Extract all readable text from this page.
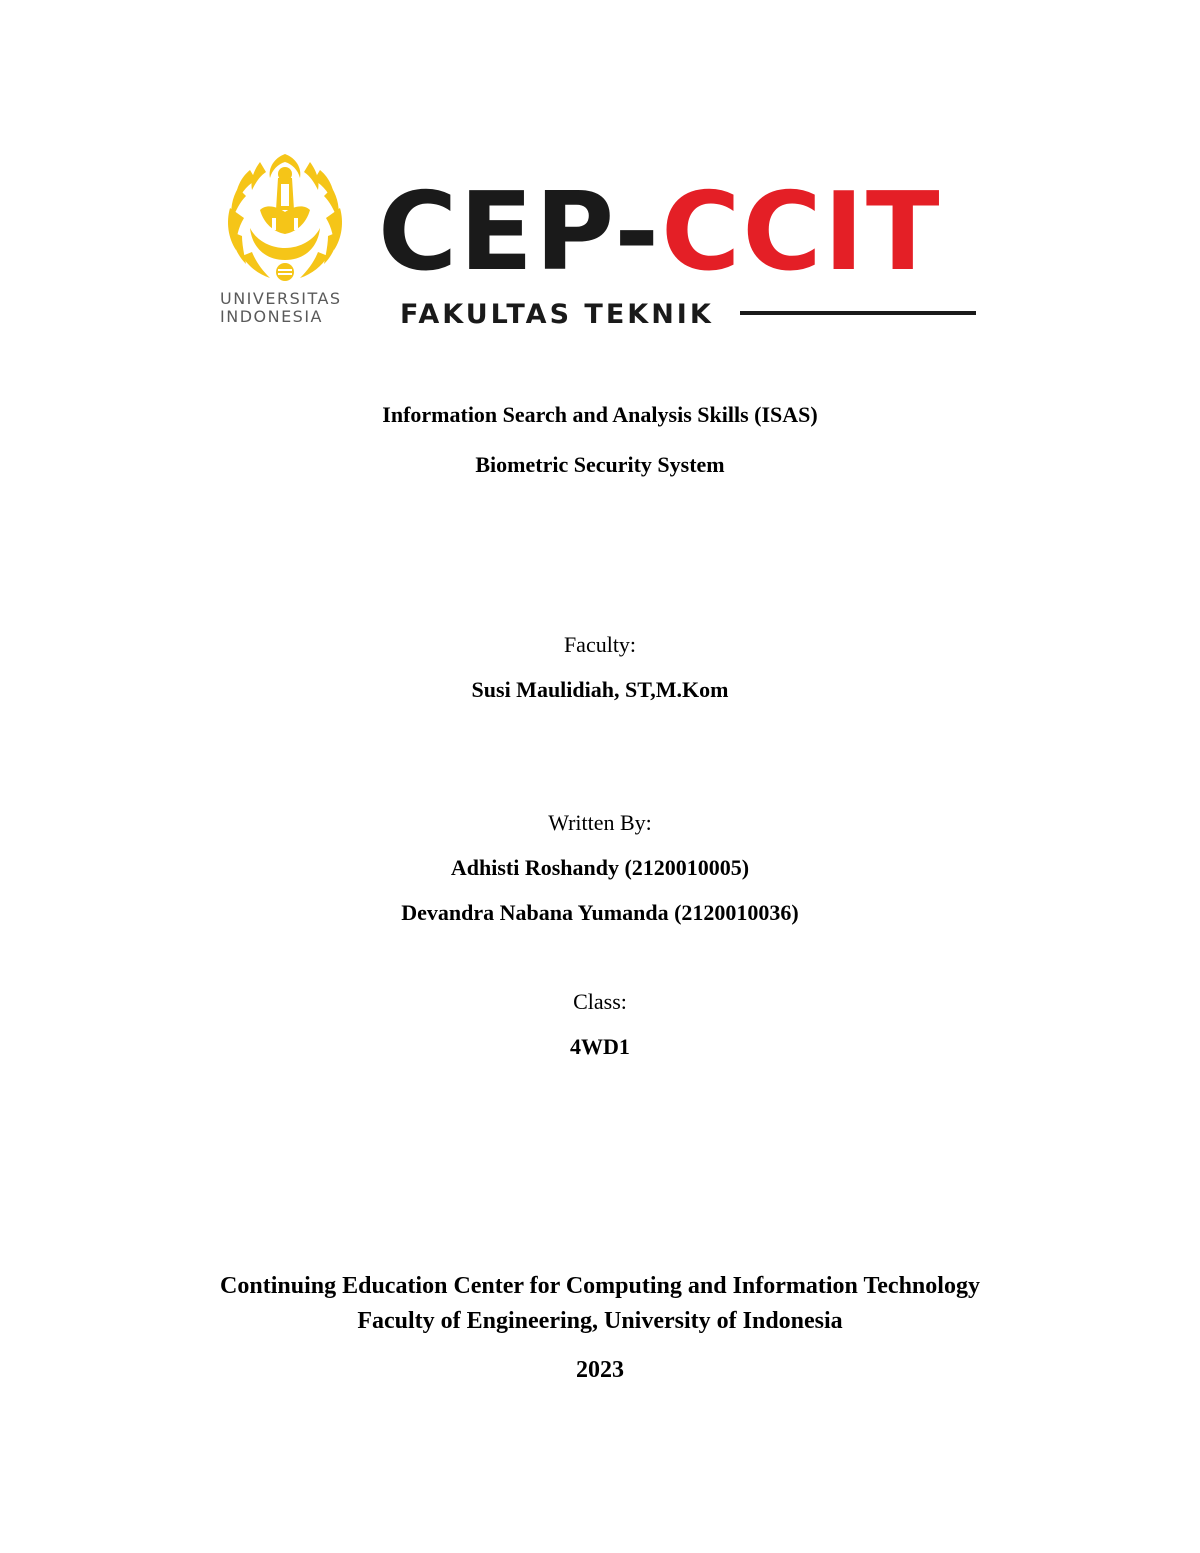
UNIVERSITAS
INDONESIA
CEP-CCIT
FAKULTAS TEKNIK
Information Search and Analysis Skills (ISAS)
Biometric Security System
Faculty:
Susi Maulidiah, ST,M.Kom
Written By:
Adhisti Roshandy (2120010005)
Devandra Nabana Yumanda (2120010036)
Class:
4WD1
Continuing Education Center for Computing and Information Technology
Faculty of Engineering, University of Indonesia
2023
